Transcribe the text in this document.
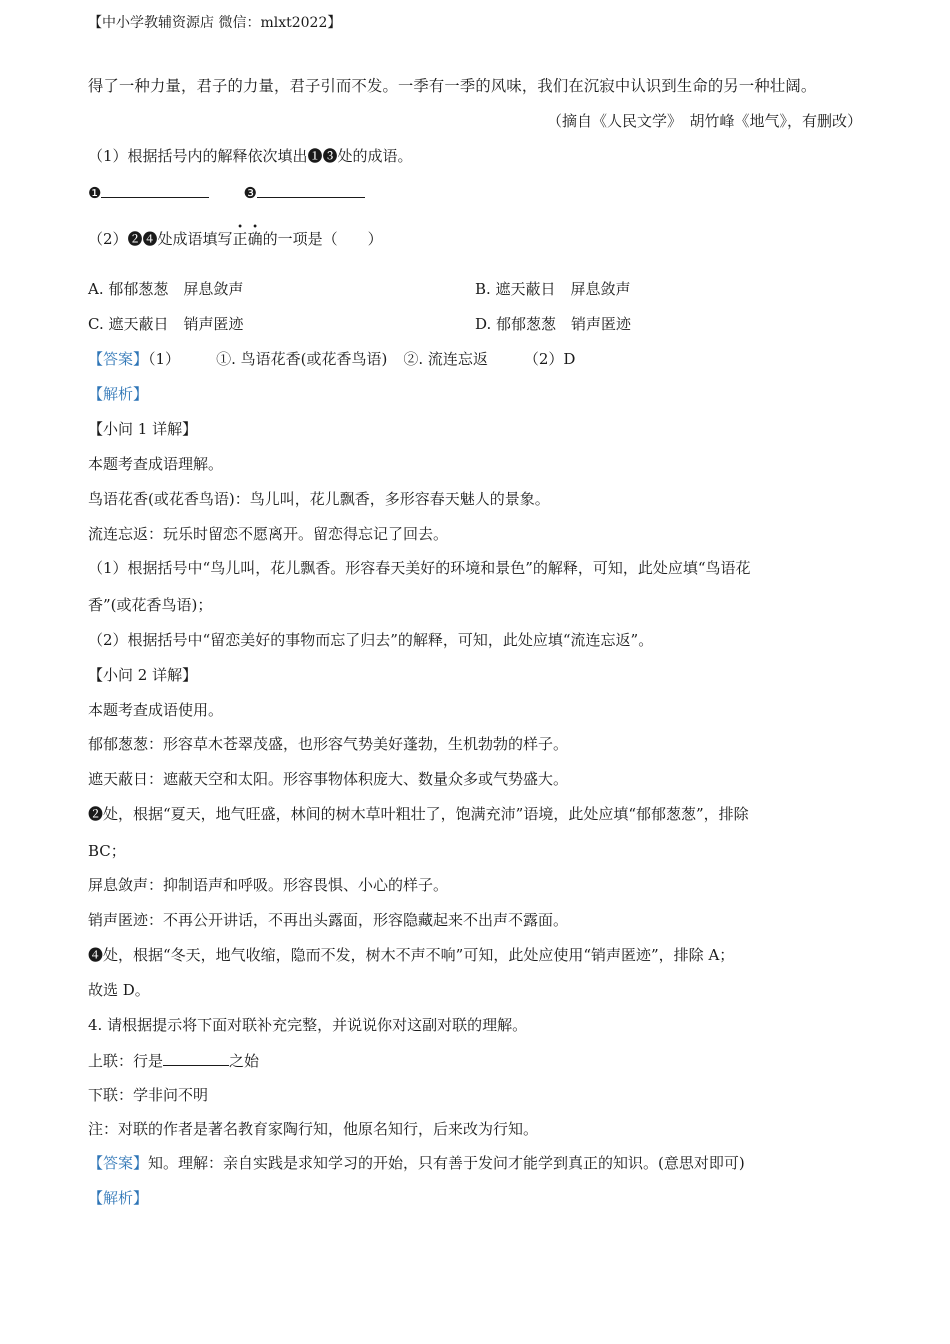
【中小学教辅资源店 微信：mlxt2022】
得了一种力量，君子的力量，君子引而不发。一季有一季的风味，我们在沉寂中认识到生命的另一种壮阔。
（摘自《人民文学》　胡竹峰《地气》，有删改）
（1）根据括号内的解释依次填出❶❸处的成语。
❶	❸
（2）❷❹处成语填写正确的一项是（　　）
A. 郁郁葱葱　屏息敛声	B. 遮天蔽日　屏息敛声
C. 遮天蔽日　销声匿迹	D. 郁郁葱葱　销声匿迹
【答案】（1） ①. 鸟语花香(或花香鸟语) ②. 流连忘返 （2）D
【解析】
【小问 1 详解】
本题考查成语理解。
鸟语花香(或花香鸟语)：鸟儿叫，花儿飘香，多形容春天魅人的景象。
流连忘返：玩乐时留恋不愿离开。留恋得忘记了回去。
（1）根据括号中“鸟儿叫，花儿飘香。形容春天美好的环境和景色”的解释，可知，此处应填“鸟语花
香”(或花香鸟语)；
（2）根据括号中“留恋美好的事物而忘了归去”的解释，可知，此处应填“流连忘返”。
【小问 2 详解】
本题考查成语使用。
郁郁葱葱：形容草木苍翠茂盛，也形容气势美好蓬勃，生机勃勃的样子。
遮天蔽日：遮蔽天空和太阳。形容事物体积庞大、数量众多或气势盛大。
❷处，根据“夏天，地气旺盛，林间的树木草叶粗壮了，饱满充沛”语境，此处应填“郁郁葱葱”，排除
BC；
屏息敛声：抑制语声和呼吸。形容畏惧、小心的样子。
销声匿迹：不再公开讲话，不再出头露面，形容隐藏起来不出声不露面。
❹处，根据“冬天，地气收缩，隐而不发，树木不声不响”可知，此处应使用“销声匿迹”，排除 A；
故选 D。
4. 请根据提示将下面对联补充完整，并说说你对这副对联的理解。
上联：行是	之始
下联：学非问不明
注：对联的作者是著名教育家陶行知，他原名知行，后来改为行知。
【答案】知。理解：亲自实践是求知学习的开始，只有善于发问才能学到真正的知识。(意思对即可)
【解析】
